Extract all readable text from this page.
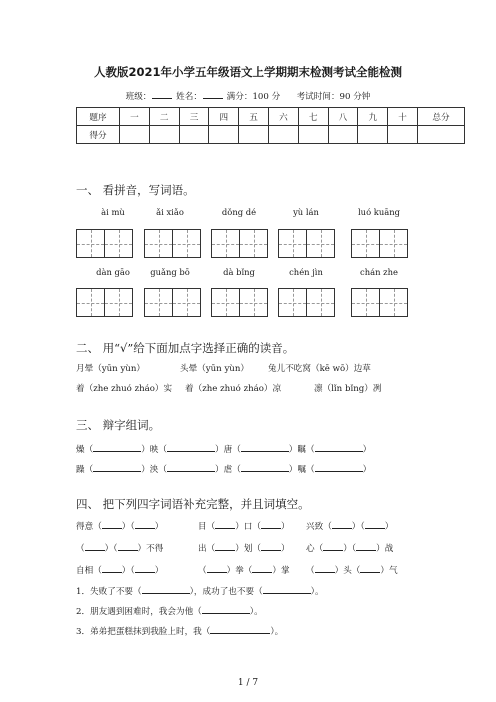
人教版2021年小学五年级语文上学期期末检测考试全能检测
班级：	姓名：	满分：100 分 考试时间：90 分钟
题序	一	二	三	四	五	六	七	八	九	十	总分
得分											
一、 看拼音，写词语。
ài mù	ǎi xiǎo	dǒng dé	yù lán	luó kuāng
dàn gāo	guǎng bō	dà bǐng	chén jìn	chán zhe
二、 用“√”给下面加点字选择正确的读音。
月晕（yūn yùn）	头晕（yūn yùn） 兔儿不吃窝（kē wō）边草
着（zhe zhuó zháo）实 着（zhe zhuó zháo）凉	凛（lǐn bǐng）冽
三、 辩字组词。
燥（	）映（	）唐（	）瞩（	）
躁（	）泱（	）虐（	）嘱（	）
四、 把下列四字词语补充完整，并且词填空。
得意（ ）（ ）	目（ ）口（ ） 兴致（ ）（ ）
（ ）（ ）不得	出（ ）划（ ） 心（ ）（ ）战
自相（ ）（ ）	（ ）拳（ ）掌 （ ）头（ ）气
1．失败了不要（	），成功了也不要（	）。
2．朋友遇到困难时，我会为他（	）。
3．弟弟把蛋糕抹到我脸上时，我（	）。
1 / 7
